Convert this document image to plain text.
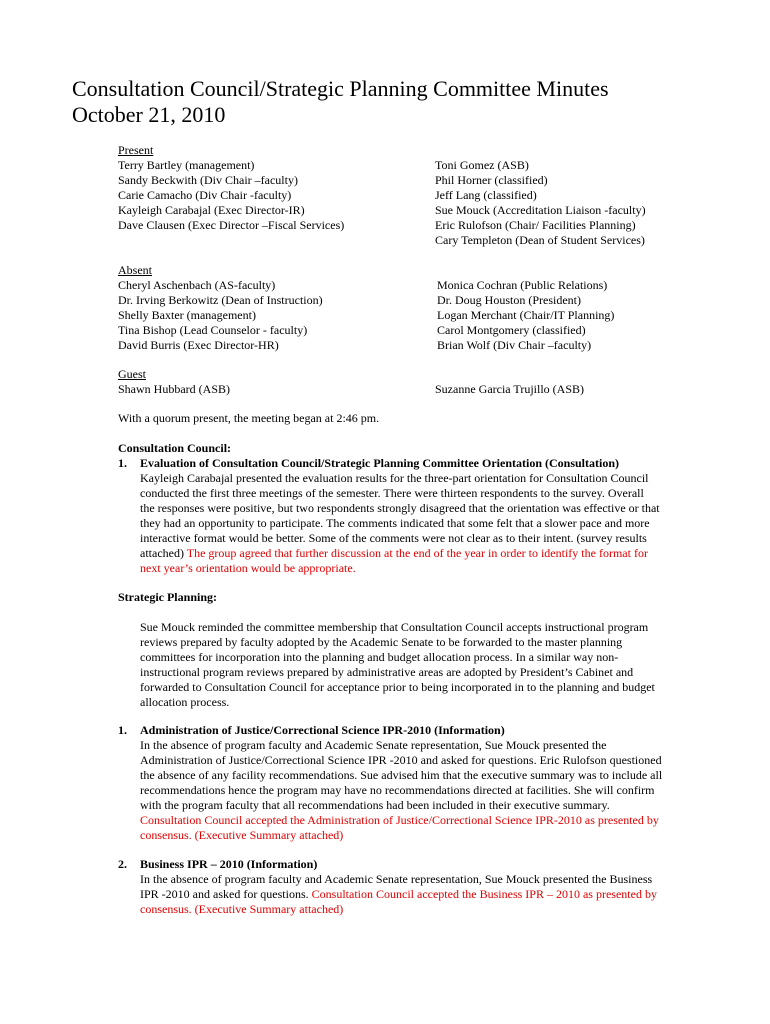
Consultation Council/Strategic Planning Committee Minutes
October 21, 2010
Present
Terry Bartley (management)
Sandy Beckwith (Div Chair –faculty)
Carie Camacho (Div Chair -faculty)
Kayleigh Carabajal (Exec Director-IR)
Dave Clausen (Exec Director –Fiscal Services)
Toni Gomez (ASB)
Phil Horner (classified)
Jeff Lang (classified)
Sue Mouck (Accreditation Liaison -faculty)
Eric Rulofson (Chair/ Facilities Planning)
Cary Templeton (Dean of Student Services)
Absent
Cheryl Aschenbach (AS-faculty)
Dr. Irving Berkowitz (Dean of Instruction)
Shelly Baxter (management)
Tina Bishop (Lead Counselor - faculty)
David Burris (Exec Director-HR)
Monica Cochran (Public Relations)
Dr. Doug Houston (President)
Logan Merchant (Chair/IT Planning)
Carol Montgomery (classified)
Brian Wolf (Div Chair –faculty)
Guest
Shawn Hubbard (ASB)	Suzanne Garcia Trujillo (ASB)
With a quorum present, the meeting began at 2:46 pm.
Consultation Council:
1. Evaluation of Consultation Council/Strategic Planning Committee Orientation (Consultation)
Kayleigh Carabajal presented the evaluation results for the three-part orientation for Consultation Council
conducted the first three meetings of the semester. There were thirteen respondents to the survey. Overall
the responses were positive, but two respondents strongly disagreed that the orientation was effective or that
they had an opportunity to participate. The comments indicated that some felt that a slower pace and more
interactive format would be better. Some of the comments were not clear as to their intent. (survey results
attached) The group agreed that further discussion at the end of the year in order to identify the format for
next year’s orientation would be appropriate.
Strategic Planning:
Sue Mouck reminded the committee membership that Consultation Council accepts instructional program
reviews prepared by faculty adopted by the Academic Senate to be forwarded to the master planning
committees for incorporation into the planning and budget allocation process. In a similar way non-
instructional program reviews prepared by administrative areas are adopted by President’s Cabinet and
forwarded to Consultation Council for acceptance prior to being incorporated in to the planning and budget
allocation process.
1. Administration of Justice/Correctional Science IPR-2010 (Information)
In the absence of program faculty and Academic Senate representation, Sue Mouck presented the
Administration of Justice/Correctional Science IPR -2010 and asked for questions. Eric Rulofson questioned
the absence of any facility recommendations. Sue advised him that the executive summary was to include all
recommendations hence the program may have no recommendations directed at facilities. She will confirm
with the program faculty that all recommendations had been included in their executive summary.
Consultation Council accepted the Administration of Justice/Correctional Science IPR-2010 as presented by
consensus. (Executive Summary attached)
2. Business IPR – 2010 (Information)
In the absence of program faculty and Academic Senate representation, Sue Mouck presented the Business
IPR -2010 and asked for questions. Consultation Council accepted the Business IPR – 2010 as presented by
consensus. (Executive Summary attached)
